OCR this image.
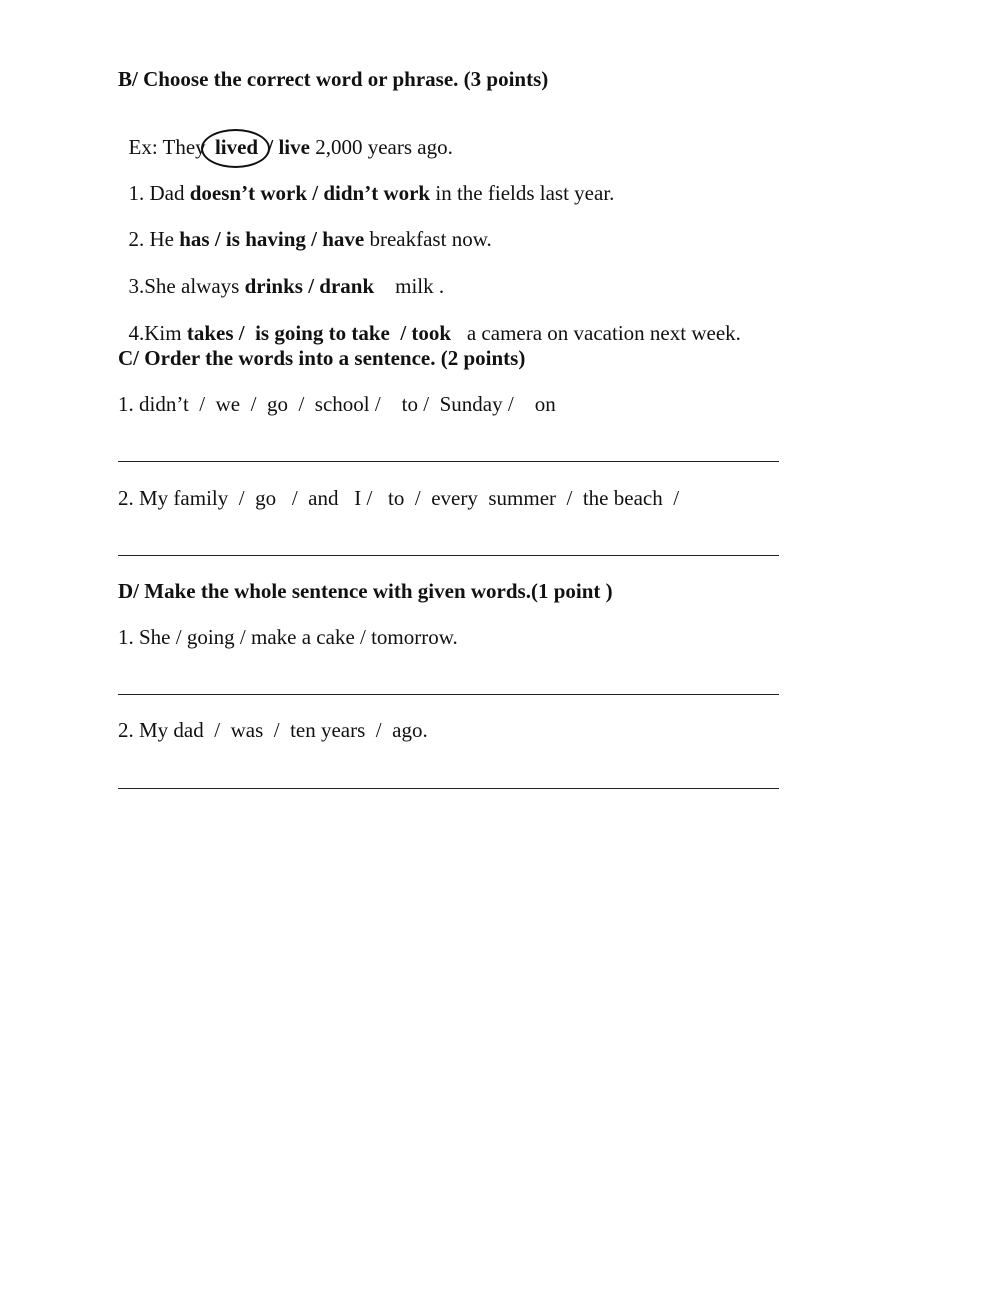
B/ Choose the correct word or phrase. (3 points)

Ex: They lived / live 2,000 years ago.

1. Dad doesn’t work / didn’t work in the fields last year.

2. He has / is having / have breakfast now.

3.She always drinks / drank    milk .

4.Kim takes /  is going to take  / took   a camera on vacation next week.

C/ Order the words into a sentence. (2 points)
1. didn’t  /  we  /  go  /  school /    to /  Sunday /    on
2. My family  /  go   /  and   I /   to  /  every  summer  /  the beach  /
D/ Make the whole sentence with given words.(1 point )
1. She / going / make a cake / tomorrow.
2. My dad  /  was  /  ten years  /  ago.
